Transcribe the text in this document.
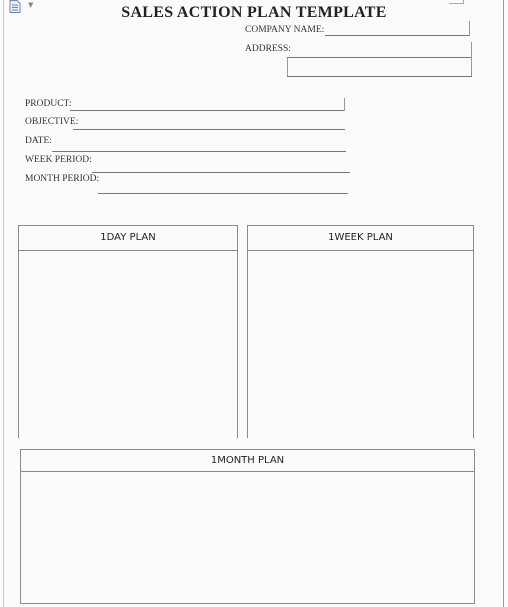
▼	SALES ACTION PLAN TEMPLATE
COMPANY NAME:
ADDRESS:
PRODUCT:
OBJECTIVE:
DATE:
WEEK PERIOD:
MONTH PERIOD:
1DAY PLAN	1WEEK PLAN
1MONTH PLAN
